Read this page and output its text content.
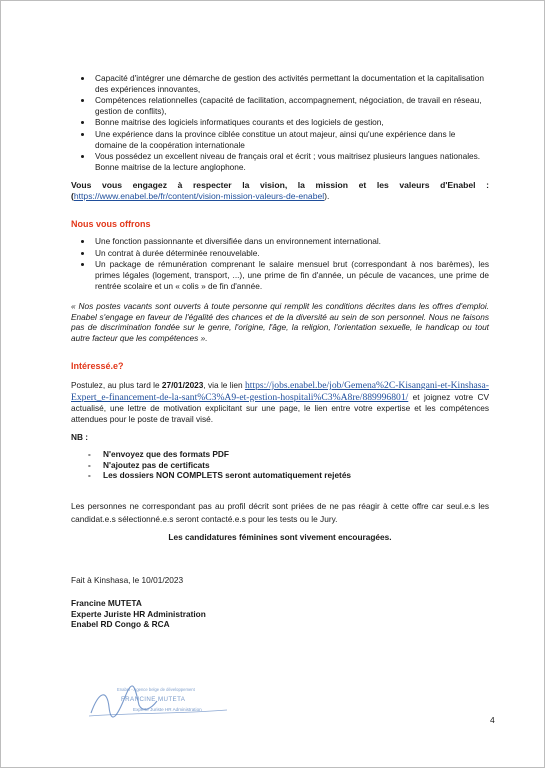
• Capacité d'intégrer une démarche de gestion des activités permettant la documentation et la capitalisation des expériences innovantes,
• Compétences relationnelles (capacité de facilitation, accompagnement, négociation, de travail en réseau, gestion de conflits),
• Bonne maitrise des logiciels informatiques courants et des logiciels de gestion,
• Une expérience dans la province ciblée constitue un atout majeur, ainsi qu'une expérience dans le domaine de la coopération internationale
• Vous possédez un excellent niveau de français oral et écrit ; vous maitrisez plusieurs langues nationales. Bonne maitrise de la lecture anglophone.

Vous vous engagez à respecter la vision, la mission et les valeurs d'Enabel :(https://www.enabel.be/fr/content/vision-mission-valeurs-de-enabel).

Nous vous offrons

• Une fonction passionnante et diversifiée dans un environnement international.
• Un contrat à durée déterminée renouvelable.
• Un package de rémunération comprenant le salaire mensuel brut (correspondant à nos barèmes), les primes légales (logement, transport, ...), une prime de fin d'année, un pécule de vacances, une prime de rentrée scolaire et un « colis » de fin d'année.

« Nos postes vacants sont ouverts à toute personne qui remplit les conditions décrites dans les offres d'emploi. Enabel s'engage en faveur de l'égalité des chances et de la diversité au sein de son personnel. Nous ne faisons pas de discrimination fondée sur le genre, l'origine, l'âge, la religion, l'orientation sexuelle, le handicap ou tout autre facteur que les compétences ».

Intéressé.e?

Postulez, au plus tard le 27/01/2023, via le lien https://jobs.enabel.be/job/Gemena%2C-Kisangani-et-Kinshasa-Expert_e-financement-de-la-sant%C3%A9-et-gestion-hospitali%C3%A8re/889996801/ et joignez votre CV actualisé, une lettre de motivation explicitant sur une page, le lien entre votre expertise et les compétences attendues pour le poste de travail visé.

NB :

- N'envoyez que des formats PDF
- N'ajoutez pas de certificats
- Les dossiers NON COMPLETS seront automatiquement rejetés

Les personnes ne correspondant pas au profil décrit sont priées de ne pas réagir à cette offre car seul.e.s les candidat.e.s sélectionné.e.s seront contacté.e.s pour les tests ou le Jury.

Les candidatures féminines sont vivement encouragées.

Fait à Kinshasa, le 10/01/2023

Francine MUTETA
Experte Juriste HR Administration
Enabel RD Congo & RCA
Enabel - Agence belge de développement
FRANCINE MUTETA
Experte Juriste HR Administration
4
